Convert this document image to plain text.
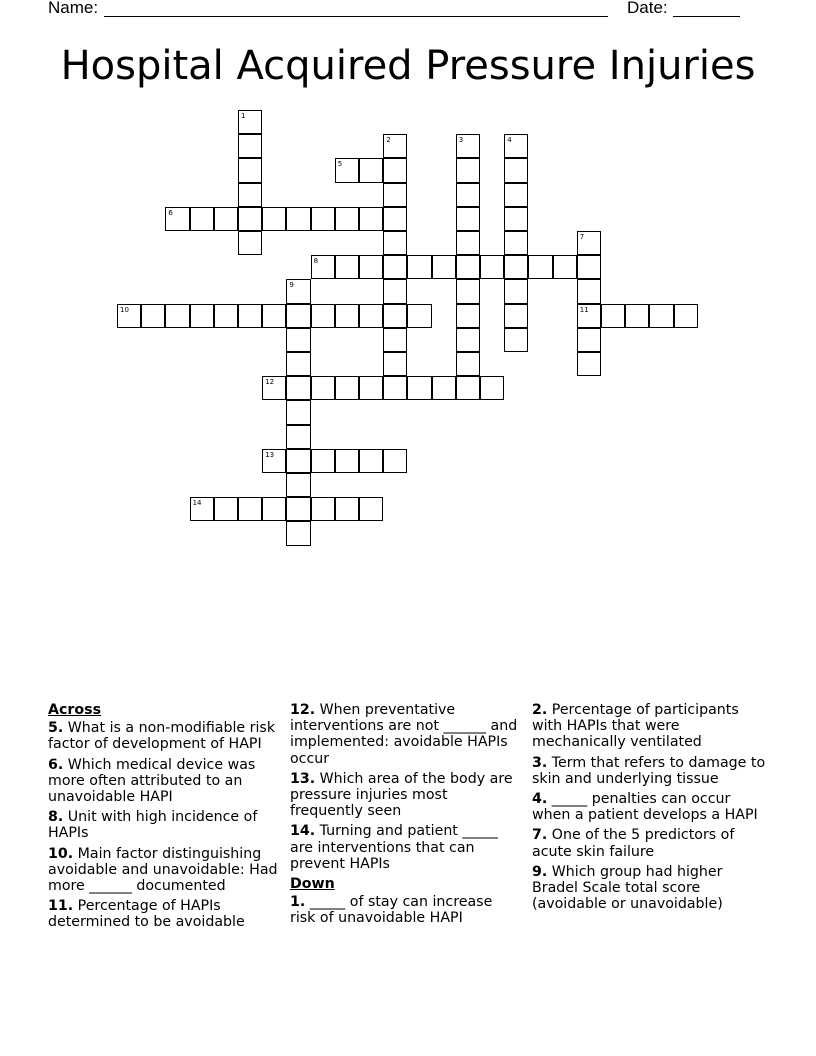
Name:	Date:
Hospital Acquired Pressure Injuries
1
2	3	4
5
6
7
11
8
9
10
12
13
14
Across
5. What is a non-modifiable risk factor of development of HAPI
6. Which medical device was more often attributed to an unavoidable HAPI
8. Unit with high incidence of HAPIs
10. Main factor distinguishing avoidable and unavoidable: Had more ______ documented
11. Percentage of HAPIs determined to be avoidable
12. When preventative interventions are not ______ and implemented: avoidable HAPIs occur
13. Which area of the body are pressure injuries most frequently seen
14. Turning and patient _____ are interventions that can prevent HAPIs
Down
1. _____ of stay can increase risk of unavoidable HAPI
2. Percentage of participants with HAPIs that were mechanically ventilated
3. Term that refers to damage to skin and underlying tissue
4. _____ penalties can occur when a patient develops a HAPI
7. One of the 5 predictors of acute skin failure
9. Which group had higher Bradel Scale total score (avoidable or unavoidable)
